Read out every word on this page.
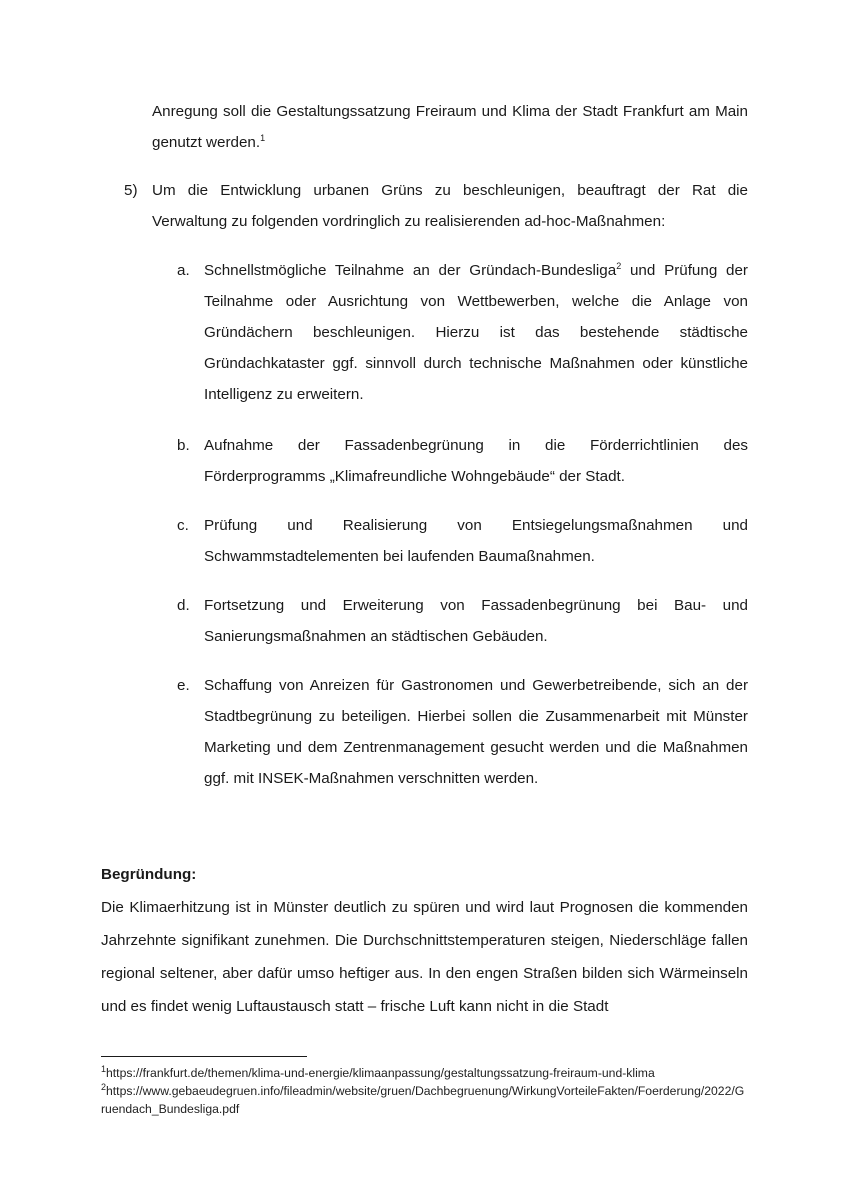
Anregung soll die Gestaltungssatzung Freiraum und Klima der Stadt Frankfurt am Main genutzt werden.$^1$

5) Um die Entwicklung urbanen Grüns zu beschleunigen, beauftragt der Rat die Verwaltung zu folgenden vordringlich zu realisierenden ad-hoc-Maßnahmen:
a. Schnellstmögliche Teilnahme an der Gründach-Bundesliga$^2$ und Prüfung der Teilnahme oder Ausrichtung von Wettbewerben, welche die Anlage von Gründächern beschleunigen. Hierzu ist das bestehende städtische Gründachkataster ggf. sinnvoll durch technische Maßnahmen oder künstliche Intelligenz zu erweitern.
b. Aufnahme der Fassadenbegrünung in die Förderrichtlinien des Förderprogramms „Klimafreundliche Wohngebäude“ der Stadt.
c. Prüfung und Realisierung von Entsiegelungsmaßnahmen und Schwammstadtelementen bei laufenden Baumaßnahmen.
d. Fortsetzung und Erweiterung von Fassadenbegrünung bei Bau- und Sanierungsmaßnahmen an städtischen Gebäuden.
e. Schaffung von Anreizen für Gastronomen und Gewerbetreibende, sich an der Stadtbegrünung zu beteiligen. Hierbei sollen die Zusammenarbeit mit Münster Marketing und dem Zentrenmanagement gesucht werden und die Maßnahmen ggf. mit INSEK-Maßnahmen verschnitten werden.
Begründung:
Die Klimaerhitzung ist in Münster deutlich zu spüren und wird laut Prognosen die kommenden Jahrzehnte signifikant zunehmen. Die Durchschnittstemperaturen steigen, Niederschläge fallen regional seltener, aber dafür umso heftiger aus. In den engen Straßen bilden sich Wärmeinseln und es findet wenig Luftaustausch statt – frische Luft kann nicht in die Stadt
$^1$https://frankfurt.de/themen/klima-und-energie/klimaanpassung/gestaltungssatzung-freiraum-und-klima
$^2$https://www.gebaeudegruen.info/fileadmin/website/gruen/Dachbegruenung/WirkungVorteileFakten/Foerderung/2022/Gruendach_Bundesliga.pdf
